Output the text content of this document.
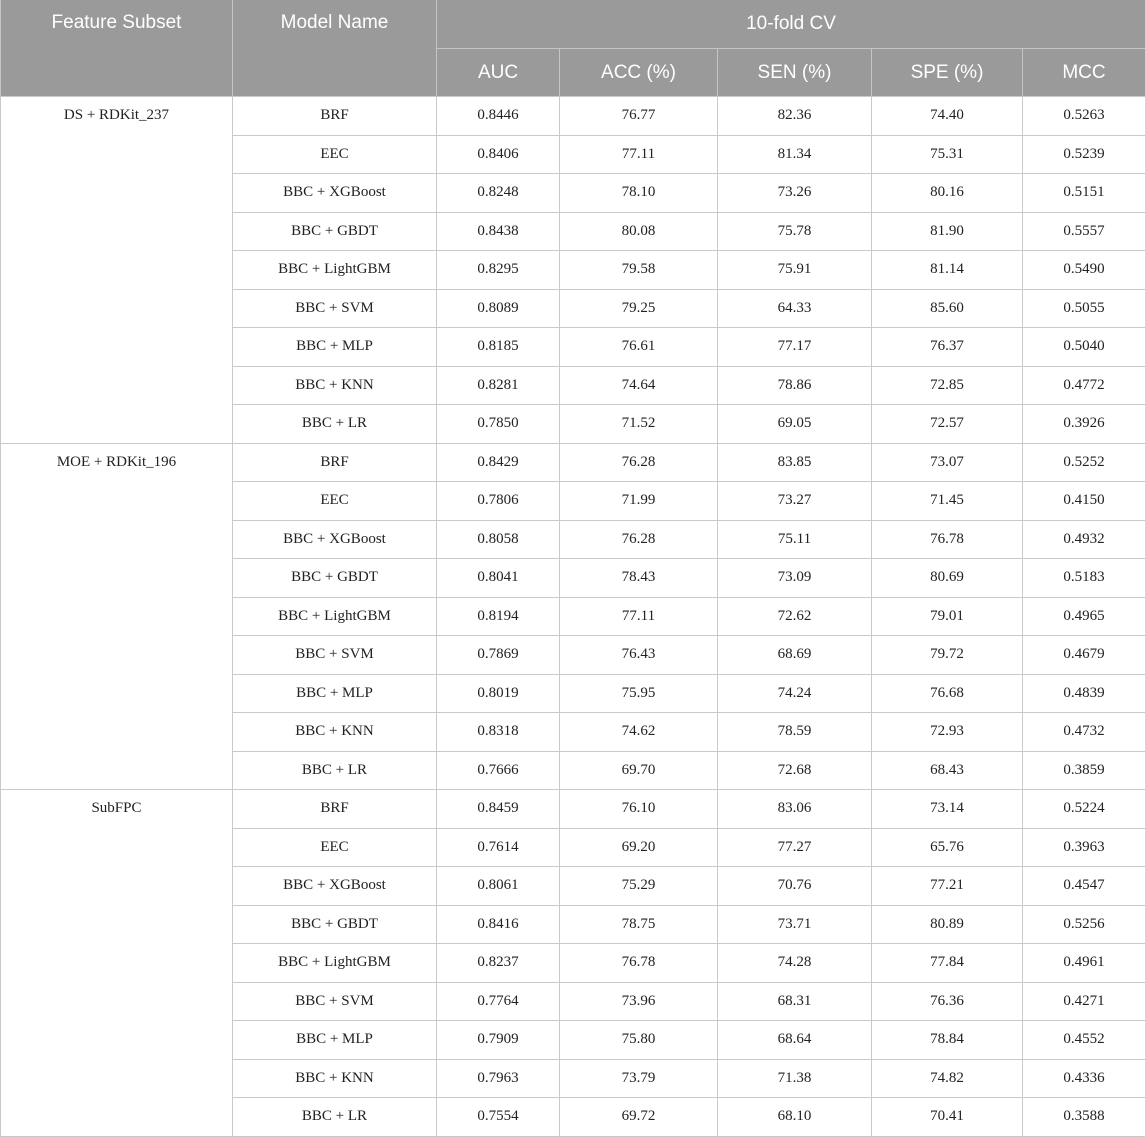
Feature Subset	Model Name	10-fold CV				
		AUC	ACC (%)	SEN (%)	SPE (%)	MCC
DS + RDKit_237	BRF	0.8446	76.77	82.36	74.40	0.5263
	EEC	0.8406	77.11	81.34	75.31	0.5239
	BBC + XGBoost	0.8248	78.10	73.26	80.16	0.5151
	BBC + GBDT	0.8438	80.08	75.78	81.90	0.5557
	BBC + LightGBM	0.8295	79.58	75.91	81.14	0.5490
	BBC + SVM	0.8089	79.25	64.33	85.60	0.5055
	BBC + MLP	0.8185	76.61	77.17	76.37	0.5040
	BBC + KNN	0.8281	74.64	78.86	72.85	0.4772
	BBC + LR	0.7850	71.52	69.05	72.57	0.3926
MOE + RDKit_196	BRF	0.8429	76.28	83.85	73.07	0.5252
	EEC	0.7806	71.99	73.27	71.45	0.4150
	BBC + XGBoost	0.8058	76.28	75.11	76.78	0.4932
	BBC + GBDT	0.8041	78.43	73.09	80.69	0.5183
	BBC + LightGBM	0.8194	77.11	72.62	79.01	0.4965
	BBC + SVM	0.7869	76.43	68.69	79.72	0.4679
	BBC + MLP	0.8019	75.95	74.24	76.68	0.4839
	BBC + KNN	0.8318	74.62	78.59	72.93	0.4732
	BBC + LR	0.7666	69.70	72.68	68.43	0.3859
SubFPC	BRF	0.8459	76.10	83.06	73.14	0.5224
	EEC	0.7614	69.20	77.27	65.76	0.3963
	BBC + XGBoost	0.8061	75.29	70.76	77.21	0.4547
	BBC + GBDT	0.8416	78.75	73.71	80.89	0.5256
	BBC + LightGBM	0.8237	76.78	74.28	77.84	0.4961
	BBC + SVM	0.7764	73.96	68.31	76.36	0.4271
	BBC + MLP	0.7909	75.80	68.64	78.84	0.4552
	BBC + KNN	0.7963	73.79	71.38	74.82	0.4336
	BBC + LR	0.7554	69.72	68.10	70.41	0.3588
